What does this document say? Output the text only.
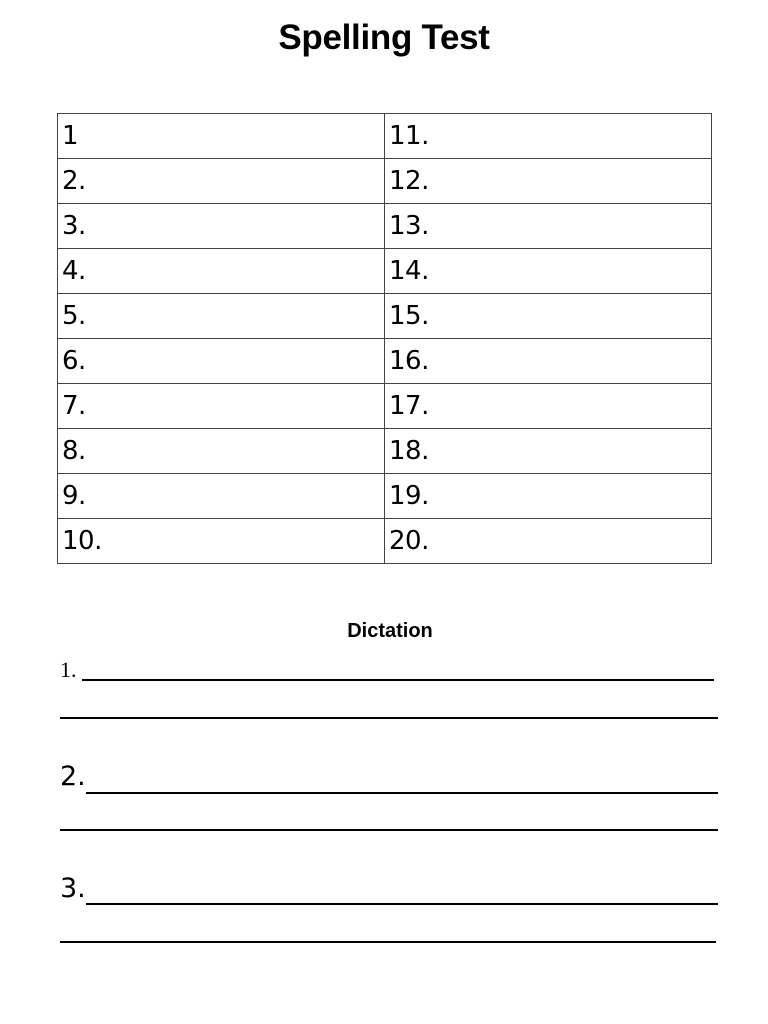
Spelling Test
1	11.
2.	12.
3.	13.
4.	14.
5.	15.
6.	16.
7.	17.
8.	18.
9.	19.
10.	20.
Dictation
1.
2.
3.
